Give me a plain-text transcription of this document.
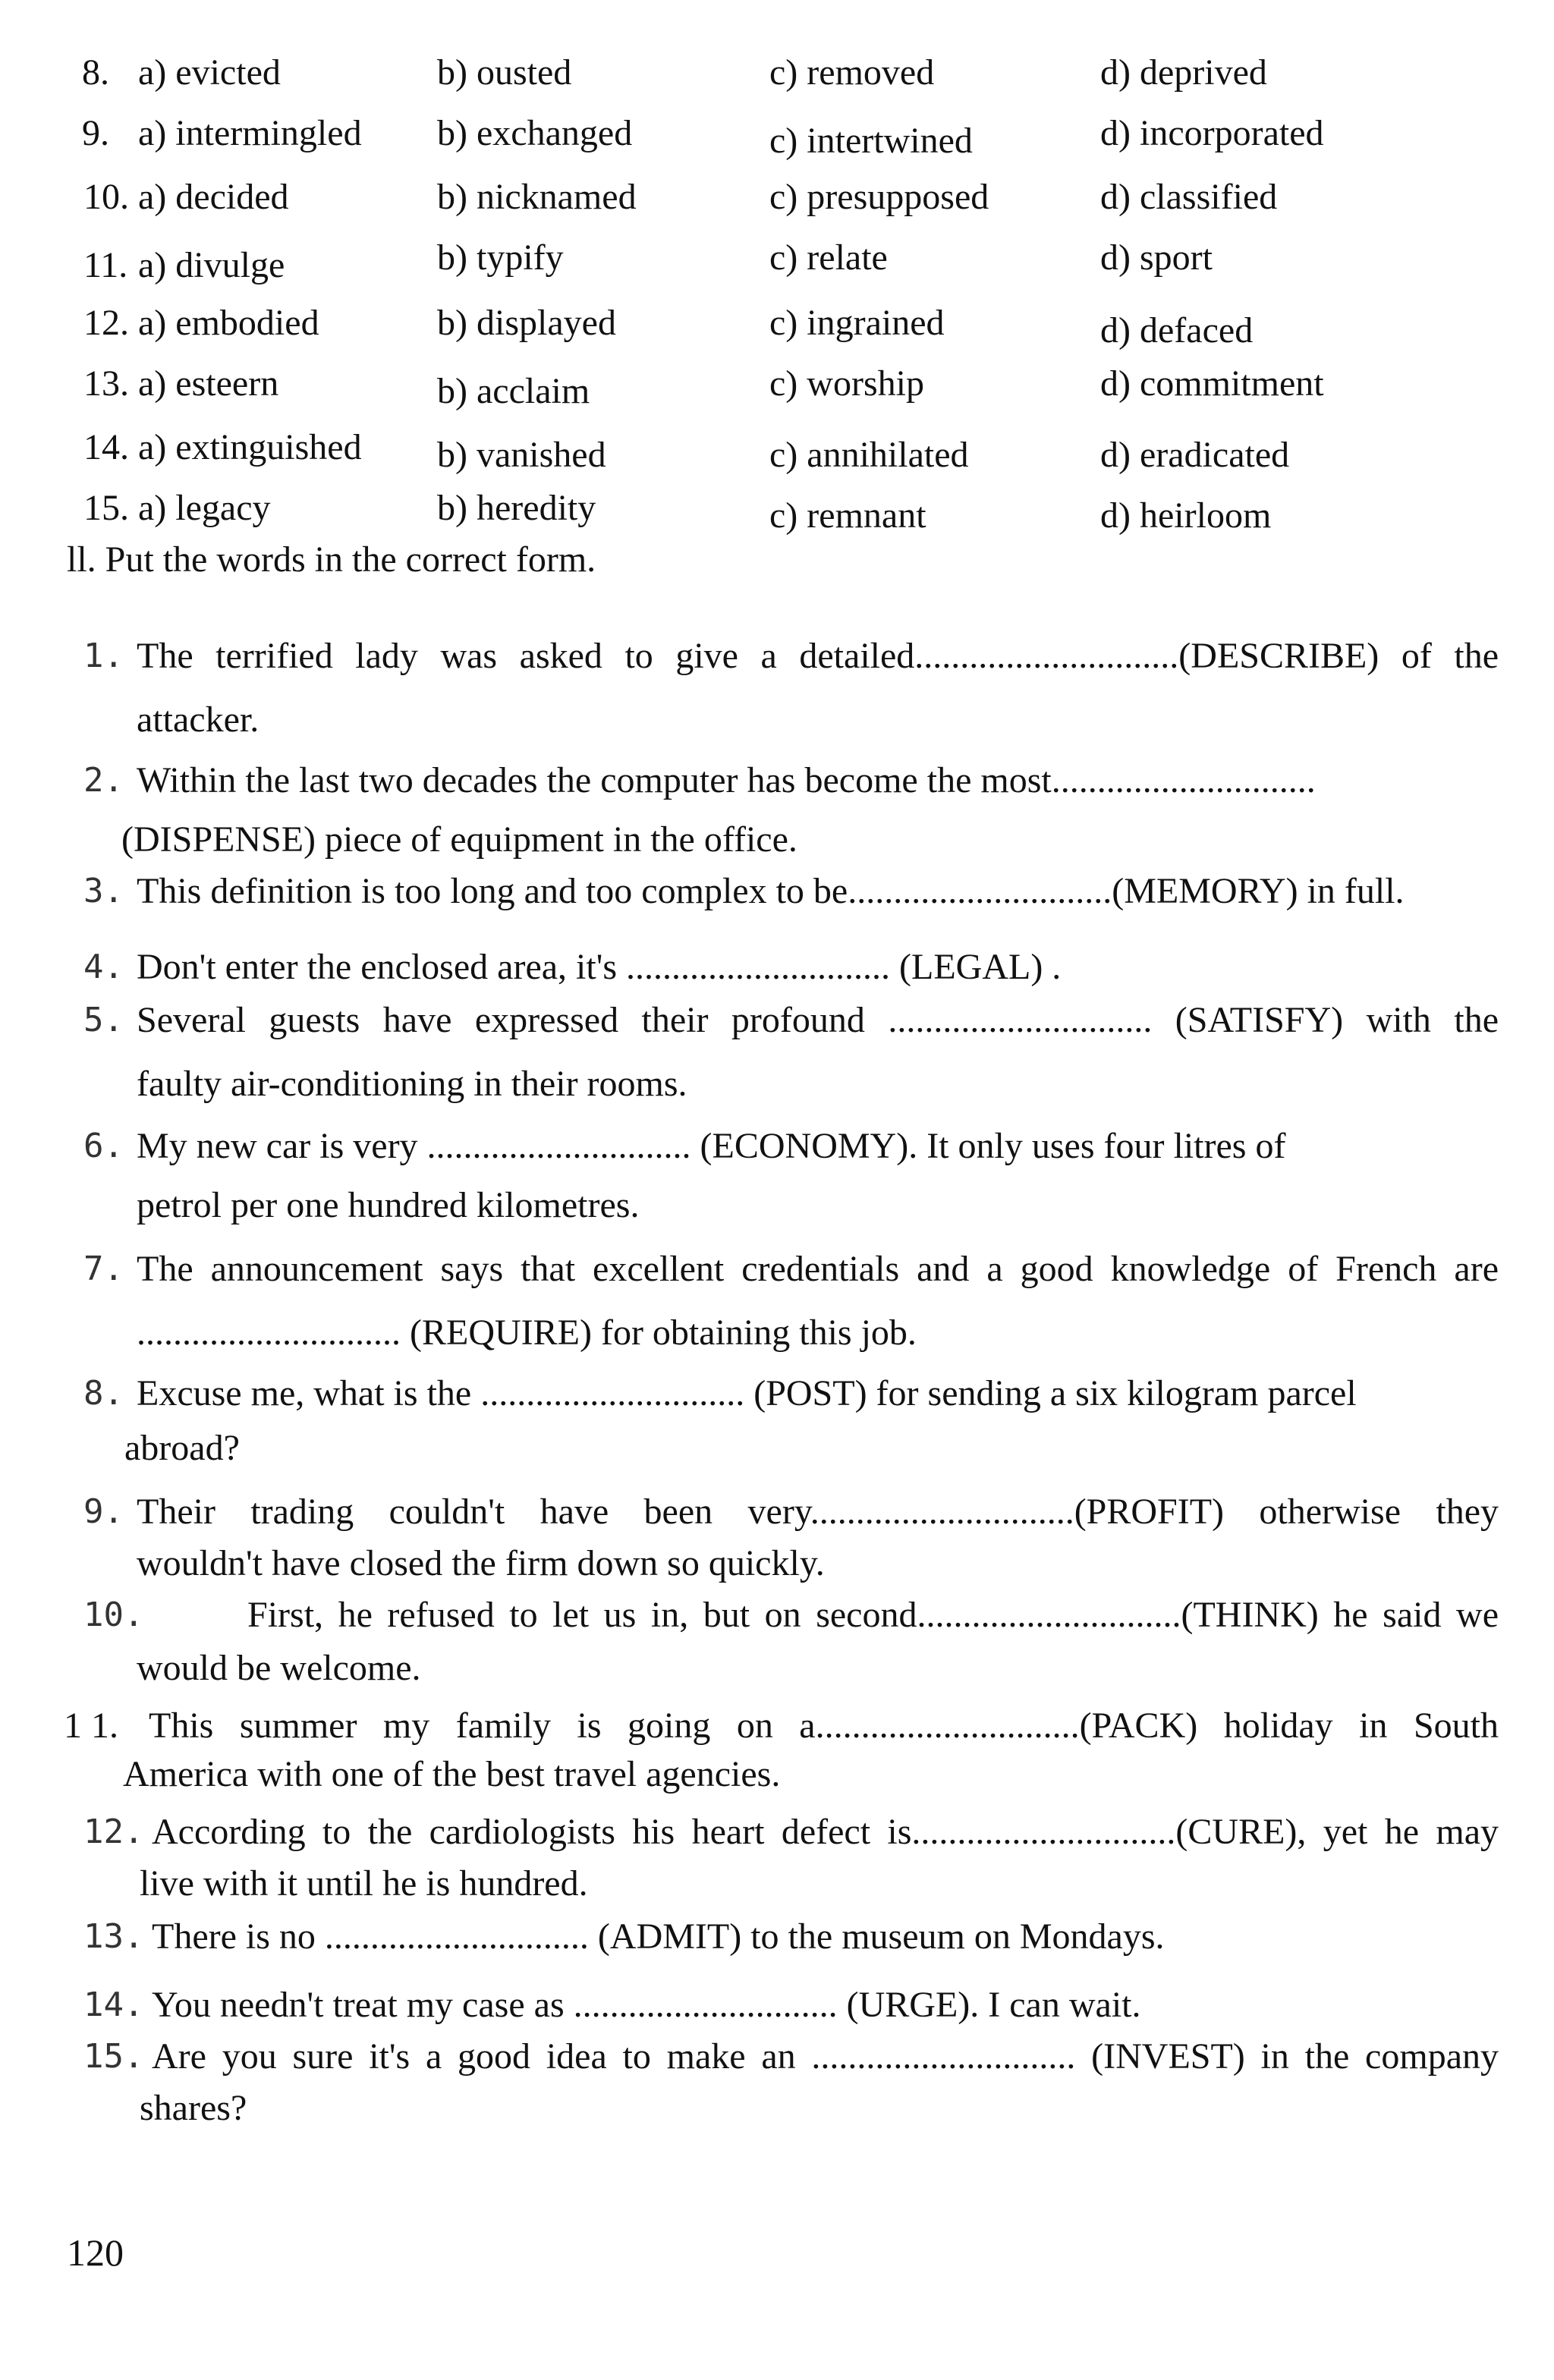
8. a) evicted	b) ousted	c) removed	d) deprived
9. a) intermingled b) exchanged	c) intertwined	d) incorporated
10. a) decided	b) nicknamed	c) presupposed	d) classified
11. a) divulge	b) typify	c) relate	d) sport
12. a) embodied	b) displayed	c) ingrained	d) defaced
13. a) esteern	b) acclaim	c) worship	d) commitment
14. a) extinguished b) vanished	c) annihilated	d) eradicated
15. a) legacy	b) heredity	c) remnant	d) heirloom
ll. Put the words in the correct form.
1. The terrified lady was asked to give a detailed.............................(DESCRIBE) of the
attacker.
2. Within the last two decades the computer has become the most.............................
(DISPENSE) piece of equipment in the office.
3. This definition is too long and too complex to be.............................(MEMORY) in full.
4. Don't enter the enclosed area, it's ............................. (LEGAL) .
5. Several guests have expressed their profound ............................. (SATISFY) with the
faulty air-conditioning in their rooms.
6. My new car is very ............................. (ECONOMY). It only uses four litres of
petrol per one hundred kilometres.
7. The announcement says that excellent credentials and a good knowledge of French are
............................. (REQUIRE) for obtaining this job.
8. Excuse me, what is the ............................. (POST) for sending a six kilogram parcel
abroad?
9. Their trading couldn't have been very.............................(PROFIT) otherwise they
wouldn't have closed the firm down so quickly.
10.	First, he refused to let us in, but on second.............................(THINK) he said we
would be welcome.
1 1. This summer my family is going on a.............................(PACK) holiday in South
America with one of the best travel agencies.
12. According to the cardiologists his heart defect is.............................(CURE), yet he may
live with it until he is hundred.
13. There is no ............................. (ADMIT) to the museum on Mondays.
14. You needn't treat my case as ............................. (URGE). I can wait.
15. Are you sure it's a good idea to make an ............................. (INVEST) in the company
shares?
120
